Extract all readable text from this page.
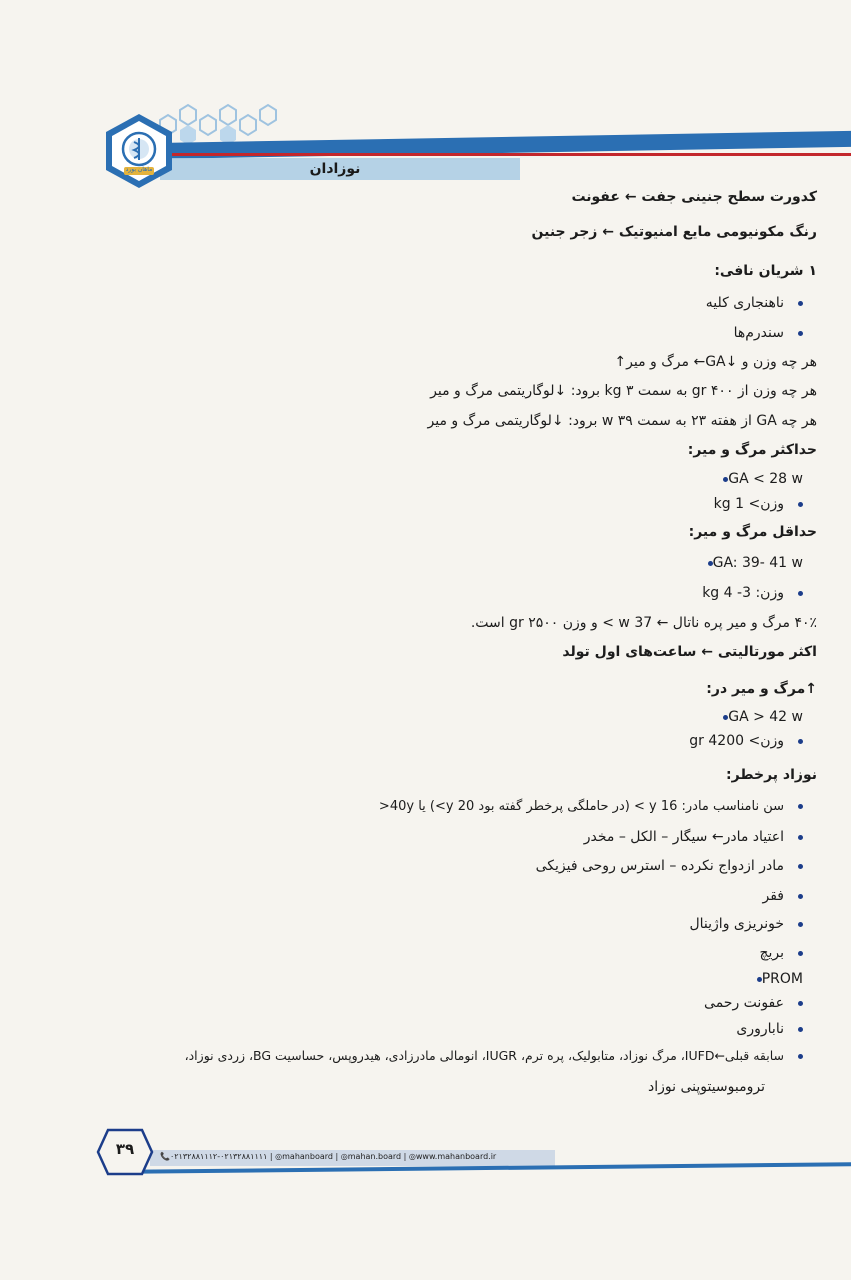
نوزادان
ماهان بورد
کدورت سطح جنینی جفت ← عفونت
رنگ مکونیومی مایع امنیوتیک ← زجر جنین
۱ شریان نافی:
ناهنجاری کلیه
سندرم‌ها
هر چه وزن و ↓GA← مرگ و میر↑
هر چه وزن از ۴۰۰ gr به سمت ۳ kg برود: ↓لوگاریتمی مرگ و میر
هر چه GA از هفته ۲۳ به سمت ۳۹ w برود: ↓لوگاریتمی مرگ و میر
حداکثر مرگ و میر:
GA < 28 w
وزن> 1 kg
حداقل مرگ و میر:
GA: 39- 41 w
وزن: 3- 4 kg
۴۰٪ مرگ و میر پره ناتال ← 37 w > و وزن ۲۵۰۰ gr است.
اکثر مورتالیتی ← ساعت‌های اول تولد
↑مرگ و میر در:
GA > 42 w
وزن> 4200 gr
نوزاد پرخطر:
سن نامناسب مادر: 16 y > (در حاملگی پرخطر گفته بود 20 y>) یا 40y<
اعتیاد مادر← سیگار – الکل – مخدر
مادر ازدواج نکرده – استرس روحی فیزیکی
فقر
خونریزی واژینال
بریچ
PROM
عفونت رحمی
ناباروری
سابقه قبلی←IUFD، مرگ نوزاد، متابولیک، پره ترم، IUGR، انومالی مادرزادی، هیدروپس، حساسیت BG، زردی نوزاد،
ترومبوسیتوپنی نوزاد
📞۰۲۱۳۲۸۸۱۱۱۲-۰۲۱۳۲۸۸۱۱۱۱ | ◎mahanboard | ◎mahan.board | ◎www.mahanboard.ir
۳۹
